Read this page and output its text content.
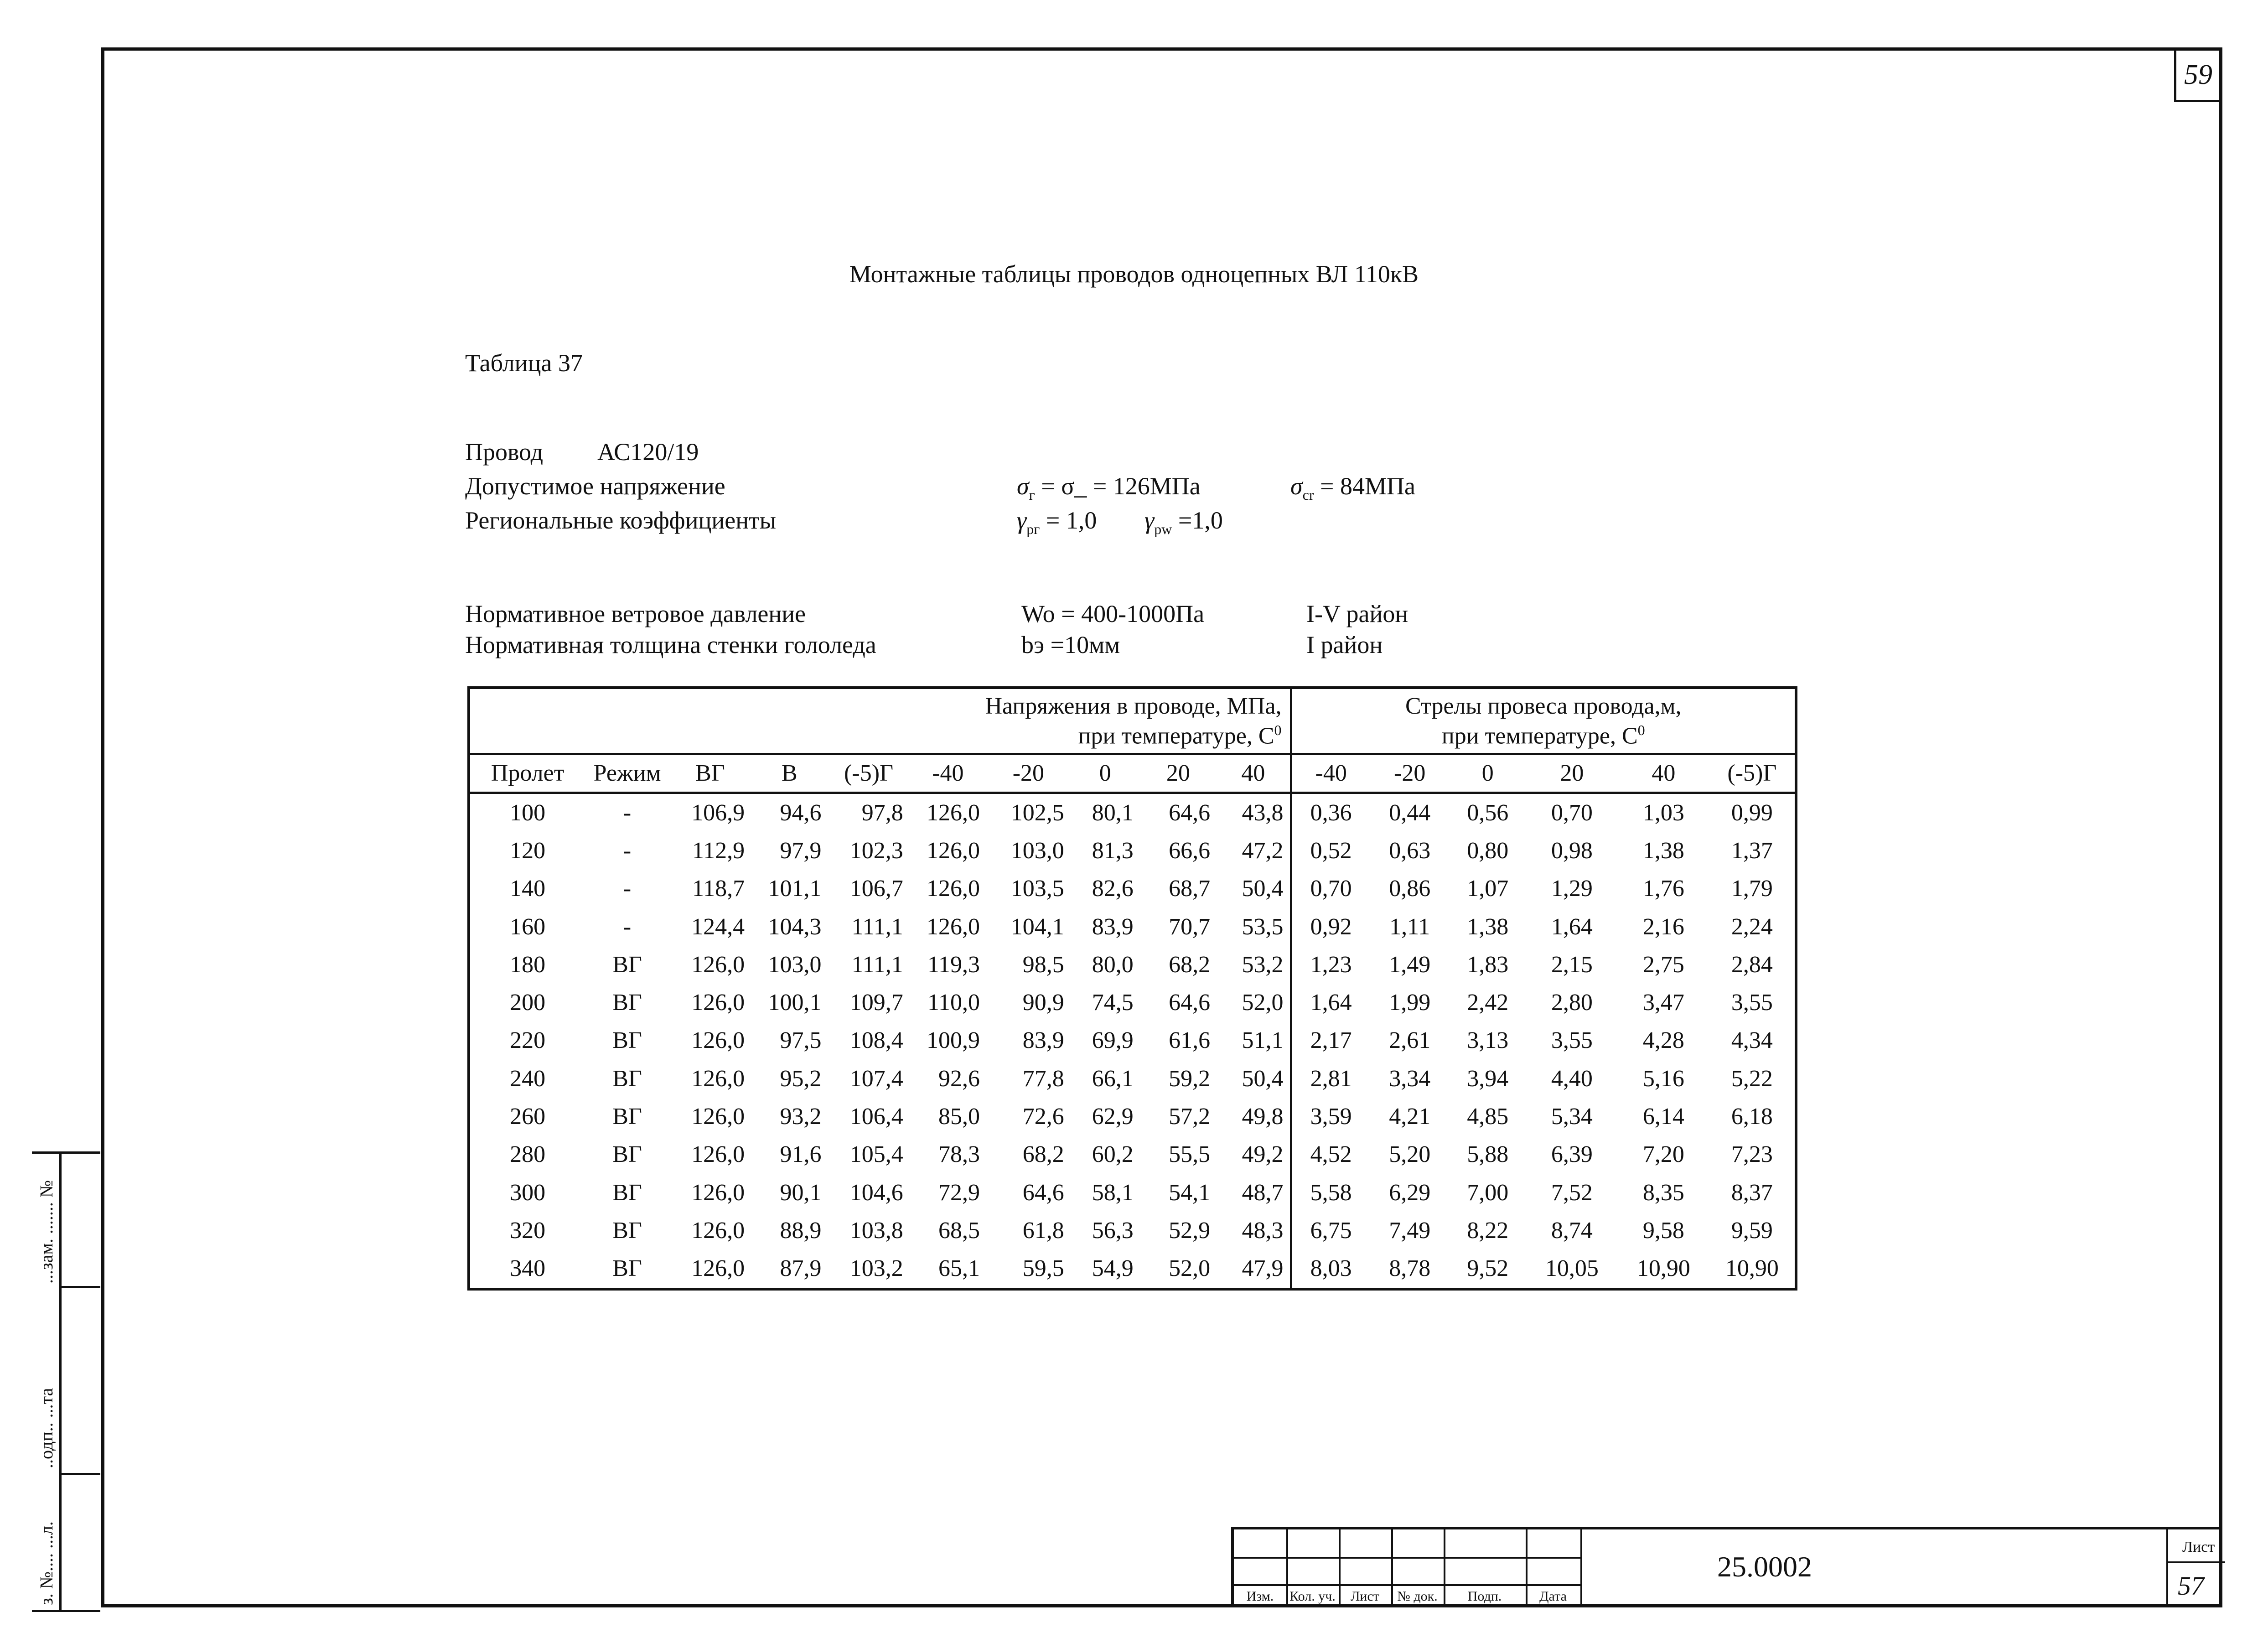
59
Монтажные таблицы проводов одноцепных ВЛ 110кВ
Таблица 37
Провод АС120/19
Допустимое напряжение	$\sigma_г$ = σ_ = 126МПа	$\sigma_{cr} = 84МПа$
Региональные коэффициенты	$\gamma_{pг} = 1,0$ $\gamma_{pw} =1,0$
Нормативное ветровое давление	Wo = 400-1000Па	I-V район
Нормативная толщина стенки гололеда	bэ =10мм	I район
Напряжения в проводе, МПа,
при температуре, $С^0$										Стрелы провеса провода,м,
при температуре, $С^0$
Пролет	Режим	ВГ	В	(-5)Г	-40	-20	0	20	40	-40	-20	0	20	40	(-5)Г
100	-	106,9	94,6	97,8	126,0	102,5	80,1	64,6	43,8	0,36	0,44	0,56	0,70	1,03	0,99
120	-	112,9	97,9	102,3	126,0	103,0	81,3	66,6	47,2	0,52	0,63	0,80	0,98	1,38	1,37
140	-	118,7	101,1	106,7	126,0	103,5	82,6	68,7	50,4	0,70	0,86	1,07	1,29	1,76	1,79
160	-	124,4	104,3	111,1	126,0	104,1	83,9	70,7	53,5	0,92	1,11	1,38	1,64	2,16	2,24
180	ВГ	126,0	103,0	111,1	119,3	98,5	80,0	68,2	53,2	1,23	1,49	1,83	2,15	2,75	2,84
200	ВГ	126,0	100,1	109,7	110,0	90,9	74,5	64,6	52,0	1,64	1,99	2,42	2,80	3,47	3,55
220	ВГ	126,0	97,5	108,4	100,9	83,9	69,9	61,6	51,1	2,17	2,61	3,13	3,55	4,28	4,34
240	ВГ	126,0	95,2	107,4	92,6	77,8	66,1	59,2	50,4	2,81	3,34	3,94	4,40	5,16	5,22
260	ВГ	126,0	93,2	106,4	85,0	72,6	62,9	57,2	49,8	3,59	4,21	4,85	5,34	6,14	6,18
280	ВГ	126,0	91,6	105,4	78,3	68,2	60,2	55,5	49,2	4,52	5,20	5,88	6,39	7,20	7,23
300	ВГ	126,0	90,1	104,6	72,9	64,6	58,1	54,1	48,7	5,58	6,29	7,00	7,52	8,35	8,37
320	ВГ	126,0	88,9	103,8	68,5	61,8	56,3	52,9	48,3	6,75	7,49	8,22	8,74	9,58	9,59
340	ВГ	126,0	87,9	103,2	65,1	59,5	54,9	52,0	47,9	8,03	8,78	9,52	10,05	10,90	10,90
...зам. ....... №
..одп.. ...та
з. №.... ...л.	Изм.	Кол. уч.	Лист	№ док.	Подп.	Дата
25.0002
Лист
57
